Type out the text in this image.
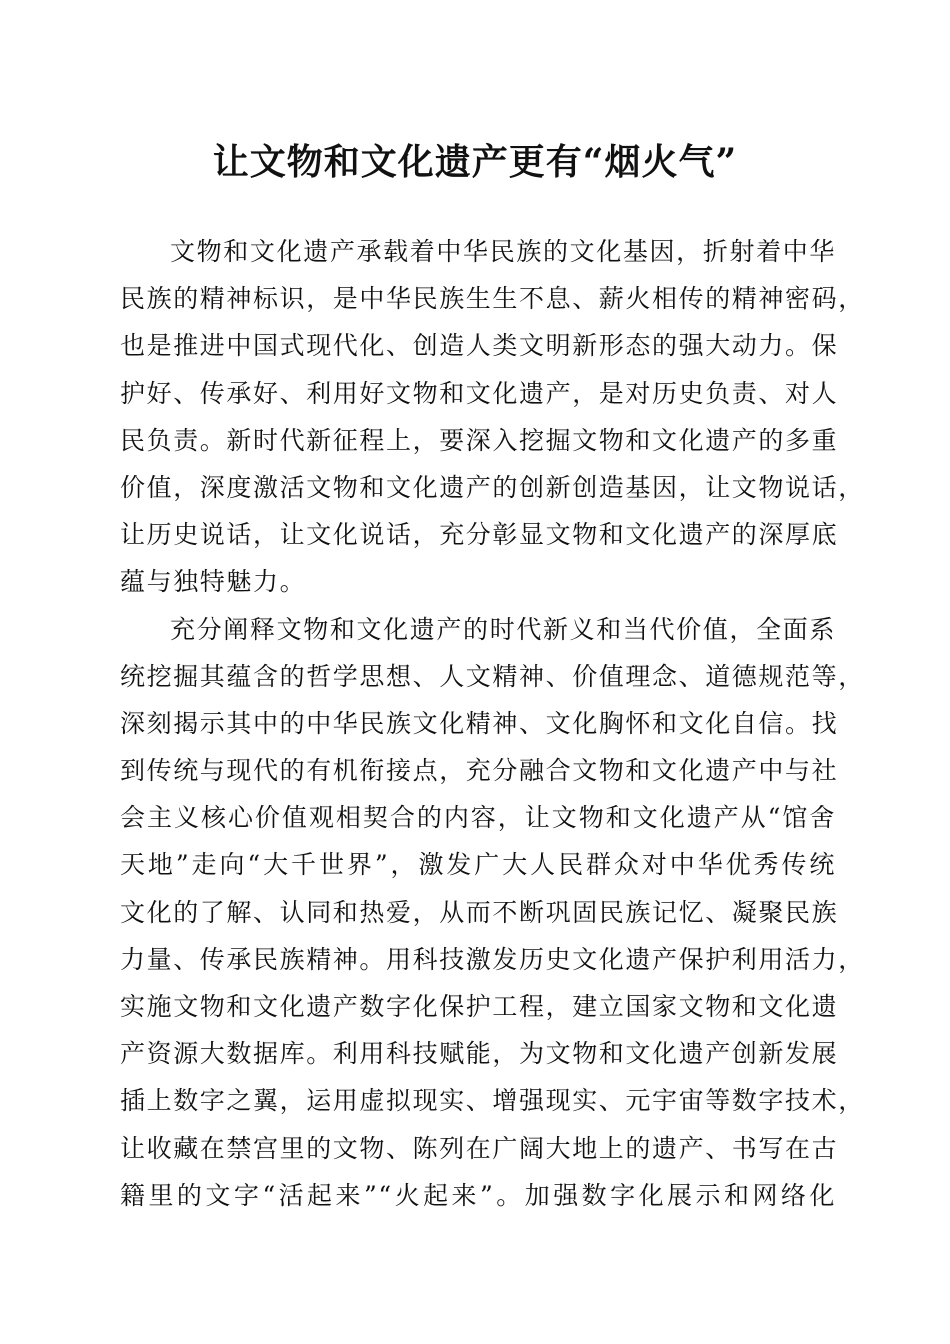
让文物和文化遗产更有“烟火气”
文物和文化遗产承载着中华民族的文化基因，折射着中华
民族的精神标识，是中华民族生生不息、薪火相传的精神密码，
也是推进中国式现代化、创造人类文明新形态的强大动力。保
护好、传承好、利用好文物和文化遗产，是对历史负责、对人
民负责。新时代新征程上，要深入挖掘文物和文化遗产的多重
价值，深度激活文物和文化遗产的创新创造基因，让文物说话，
让历史说话，让文化说话，充分彰显文物和文化遗产的深厚底
蕴与独特魅力。
充分阐释文物和文化遗产的时代新义和当代价值，全面系
统挖掘其蕴含的哲学思想、人文精神、价值理念、道德规范等，
深刻揭示其中的中华民族文化精神、文化胸怀和文化自信。找
到传统与现代的有机衔接点，充分融合文物和文化遗产中与社
会主义核心价值观相契合的内容，让文物和文化遗产从“馆舍
天地”走向“大千世界”，激发广大人民群众对中华优秀传统
文化的了解、认同和热爱，从而不断巩固民族记忆、凝聚民族
力量、传承民族精神。用科技激发历史文化遗产保护利用活力，
实施文物和文化遗产数字化保护工程，建立国家文物和文化遗
产资源大数据库。利用科技赋能，为文物和文化遗产创新发展
插上数字之翼，运用虚拟现实、增强现实、元宇宙等数字技术，
让收藏在禁宫里的文物、陈列在广阔大地上的遗产、书写在古
籍里的文字“活起来”“火起来”。加强数字化展示和网络化
